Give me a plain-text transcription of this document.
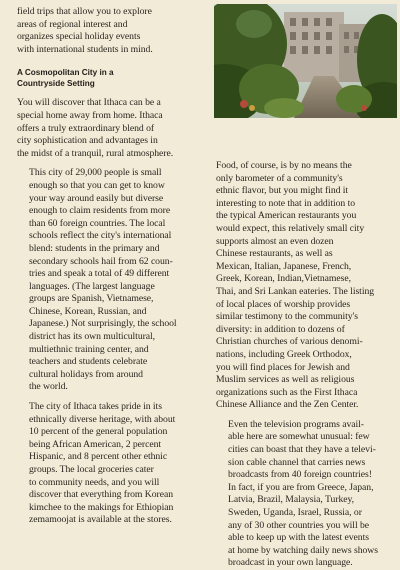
field trips that allow you to explore
areas of regional interest and
organizes special holiday events
with international students in mind.

A Cosmopolitan City in a
Countryside Setting

You will discover that Ithaca can be a
special home away from home. Ithaca
offers a truly extraordinary blend of
city sophistication and advantages in
the midst of a tranquil, rural atmosphere.

This city of 29,000 people is small
enough so that you can get to know
your way around easily but diverse
enough to claim residents from more
than 60 foreign countries. The local
schools reflect the city's international
blend: students in the primary and
secondary schools hail from 62 coun-
tries and speak a total of 49 different
languages. (The largest language
groups are Spanish, Vietnamese,
Chinese, Korean, Russian, and
Japanese.) Not surprisingly, the school
district has its own multicultural,
multiethnic training center, and
teachers and students celebrate
cultural holidays from around
the world.

The city of Ithaca takes pride in its
ethnically diverse heritage, with about
10 percent of the general population
being African American, 2 percent
Hispanic, and 8 percent other ethnic
groups. The local groceries cater
to community needs, and you will
discover that everything from Korean
kimchee to the makings for Ethiopian
zemamoojat is available at the stores.

Food, of course, is by no means the
only barometer of a community's
ethnic flavor, but you might find it
interesting to note that in addition to
the typical American restaurants you
would expect, this relatively small city
supports almost an even dozen
Chinese restaurants, as well as
Mexican, Italian, Japanese, French,
Greek, Korean, Indian,Vietnamese,
Thai, and Sri Lankan eateries. The listing
of local places of worship provides
similar testimony to the community's
diversity: in addition to dozens of
Christian churches of various denomi-
nations, including Greek Orthodox,
you will find places for Jewish and
Muslim services as well as religious
organizations such as the First Ithaca
Chinese Alliance and the Zen Center.

Even the television programs avail-
able here are somewhat unusual: few
cities can boast that they have a televi-
sion cable channel that carries news
broadcasts from 40 foreign countries!
In fact, if you are from Greece, Japan,
Latvia, Brazil, Malaysia, Turkey,
Sweden, Uganda, Israel, Russia, or
any of 30 other countries you will be
able to keep up with the latest events
at home by watching daily news shows
broadcast in your own language.
